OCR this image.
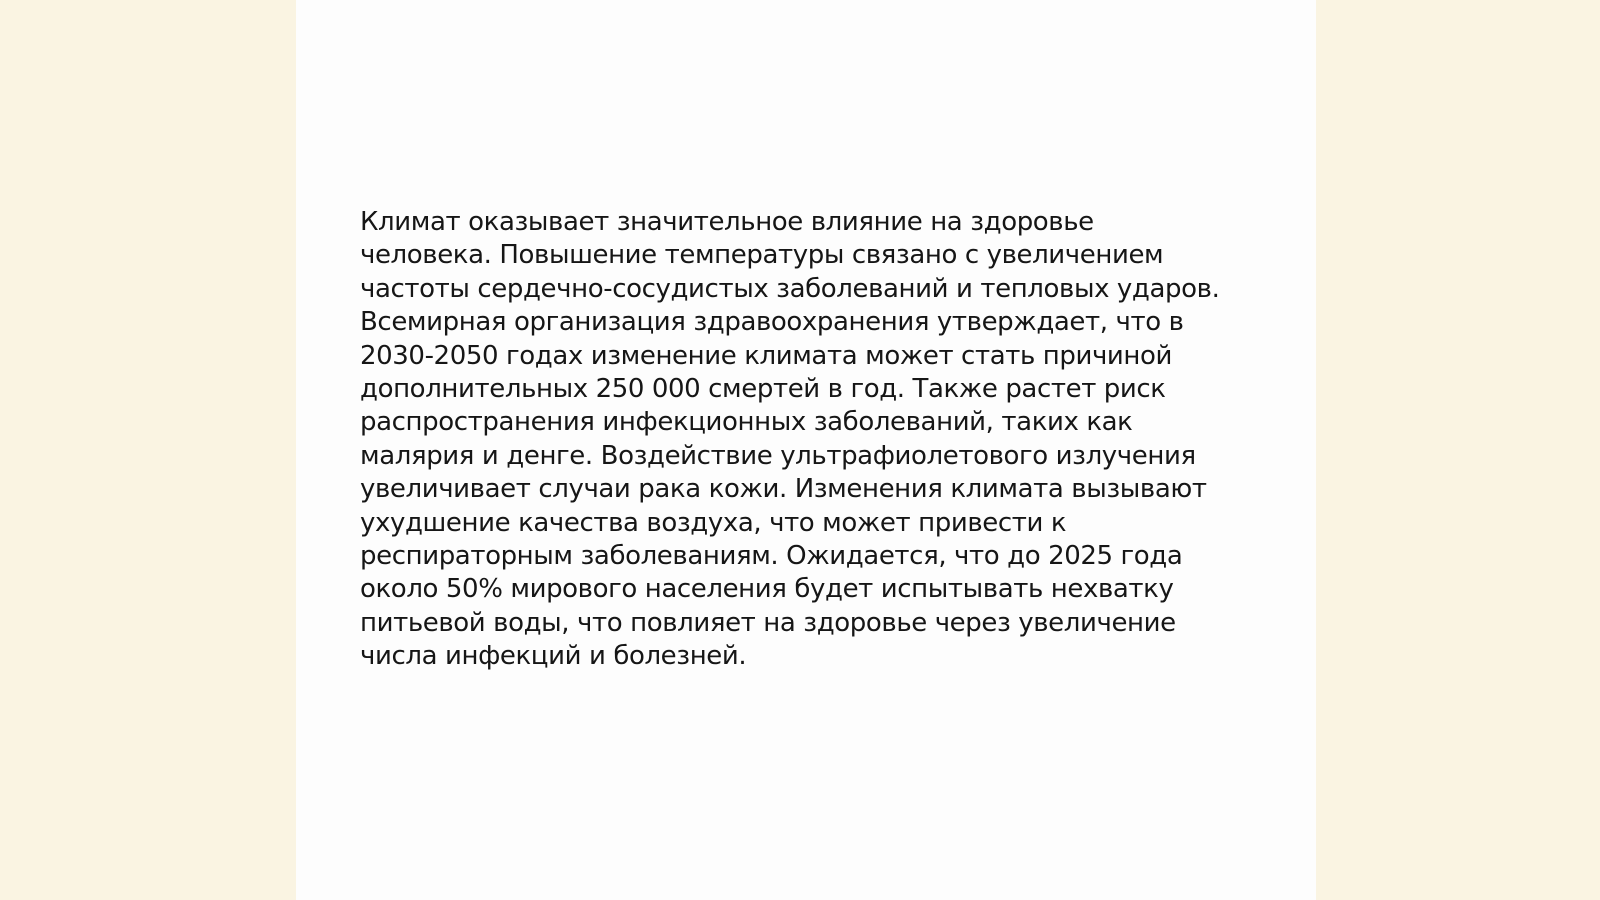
Климат оказывает значительное влияние на здоровье
человека. Повышение температуры связано с увеличением
частоты сердечно-сосудистых заболеваний и тепловых ударов.
Всемирная организация здравоохранения утверждает, что в
2030-2050 годах изменение климата может стать причиной
дополнительных 250 000 смертей в год. Также растет риск
распространения инфекционных заболеваний, таких как
малярия и денге. Воздействие ультрафиолетового излучения
увеличивает случаи рака кожи. Изменения климата вызывают
ухудшение качества воздуха, что может привести к
респираторным заболеваниям. Ожидается, что до 2025 года
около 50% мирового населения будет испытывать нехватку
питьевой воды, что повлияет на здоровье через увеличение
числа инфекций и болезней.
